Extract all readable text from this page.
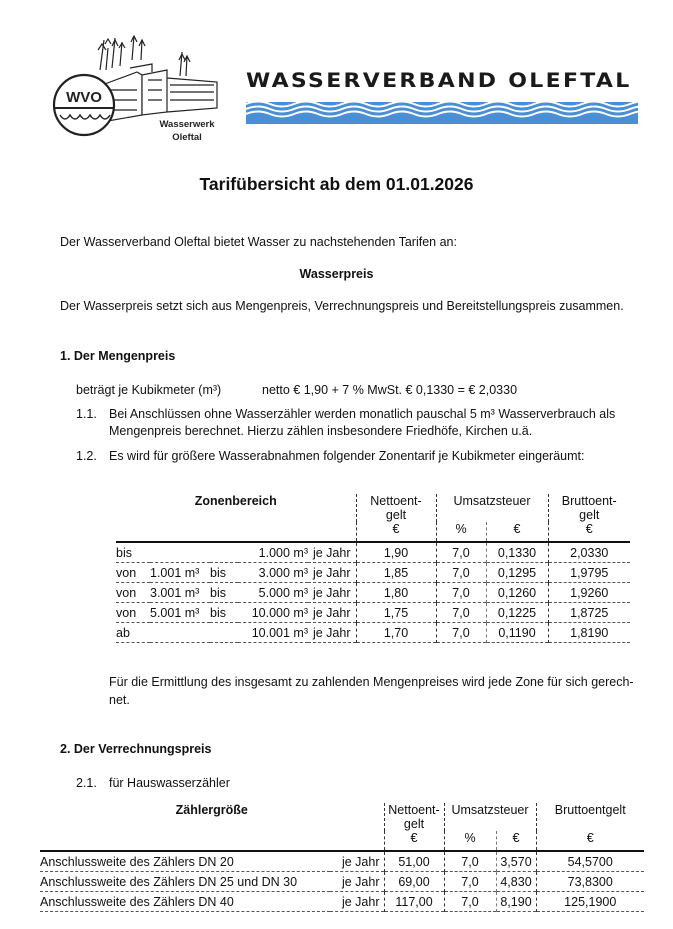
WVO
Wasserwerk
Oleftal
WASSERVERBAND OLEFTAL
Tarifübersicht ab dem 01.01.2026
Der Wasserverband Oleftal bietet Wasser zu nachstehenden Tarifen an:
Wasserpreis
Der Wasserpreis setzt sich aus Mengenpreis, Verrechnungspreis und Bereitstellungspreis zusammen.
1. Der Mengenpreis
beträgt je Kubikmeter (m³)	netto € 1,90 + 7 % MwSt. € 0,1330 = € 2,0330
1.1. Bei Anschlüssen ohne Wasserzähler werden monatlich pauschal 5 m³ Wasserverbrauch als
Mengenpreis berechnet. Hierzu zählen insbesondere Friedhöfe, Kirchen u.ä.
1.2. Es wird für größere Wasserabnahmen folgender Zonentarif je Kubikmeter eingeräumt:
Zonenbereich					Nettoent-
gelt	Umsatzsteuer		Bruttoent-
gelt
					€	%	€	€
bis			1.000 m³	je Jahr	1,90	7,0	0,1330	2,0330
von	1.001 m³	bis	3.000 m³	je Jahr	1,85	7,0	0,1295	1,9795
von	3.001 m³	bis	5.000 m³	je Jahr	1,80	7,0	0,1260	1,9260
von	5.001 m³	bis	10.000 m³	je Jahr	1,75	7,0	0,1225	1,8725
ab			10.001 m³	je Jahr	1,70	7,0	0,1190	1,8190
Für die Ermittlung des insgesamt zu zahlenden Mengenpreises wird jede Zone für sich gerech-
net.
2. Der Verrechnungspreis
2.1. für Hauswasserzähler
Zählergröße		Nettoent-
gelt	Umsatzsteuer		Bruttoentgelt
		€	%	€	€
Anschlussweite des Zählers DN 20	je Jahr	51,00	7,0	3,570	54,5700
Anschlussweite des Zählers DN 25 und DN 30	je Jahr	69,00	7,0	4,830	73,8300
Anschlussweite des Zählers DN 40	je Jahr	117,00	7,0	8,190	125,1900
